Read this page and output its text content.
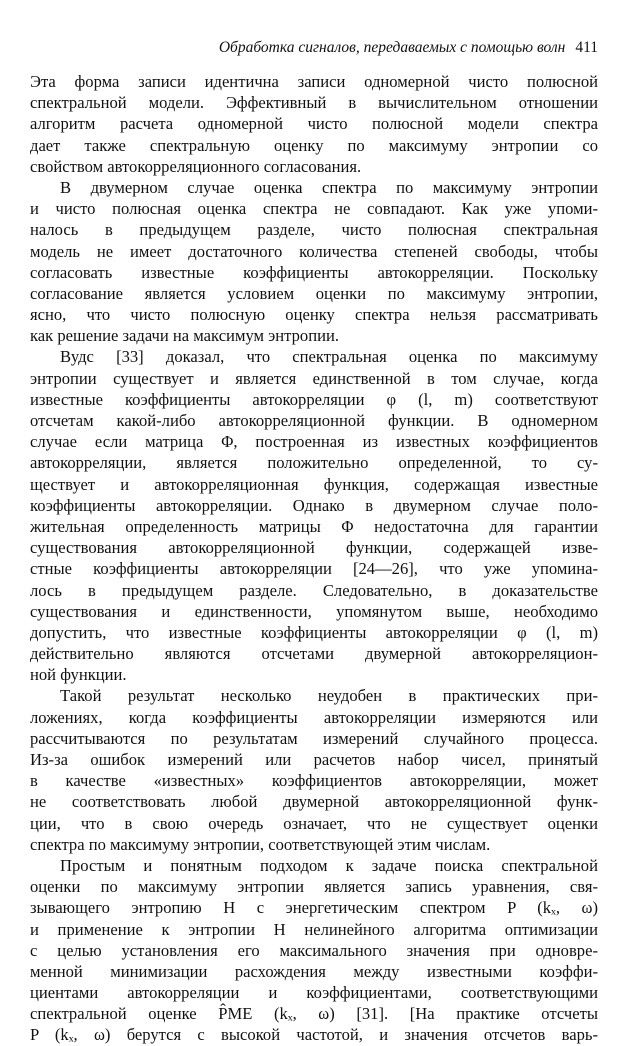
Обработка сигналов, передаваемых с помощью волн 411
Эта форма записи идентична записи одномерной чисто полюсной
спектральной модели. Эффективный в вычислительном отношении
алгоритм расчета одномерной чисто полюсной модели спектра
дает также спектральную оценку по максимуму энтропии со
свойством автокорреляционного согласования.
В двумерном случае оценка спектра по максимуму энтропии
и чисто полюсная оценка спектра не совпадают. Как уже упоми-
налось в предыдущем разделе, чисто полюсная спектральная
модель не имеет достаточного количества степеней свободы, чтобы
согласовать известные коэффициенты автокорреляции. Поскольку
согласование является условием оценки по максимуму энтропии,
ясно, что чисто полюсную оценку спектра нельзя рассматривать
как решение задачи на максимум энтропии.
Вудс [33] доказал, что спектральная оценка по максимуму
энтропии существует и является единственной в том случае, когда
известные коэффициенты автокорреляции φ (l, m) соответствуют
отсчетам какой-либо автокорреляционной функции. В одномерном
случае если матрица Φ, построенная из известных коэффициентов
автокорреляции, является положительно определенной, то су-
ществует и автокорреляционная функция, содержащая известные
коэффициенты автокорреляции. Однако в двумерном случае поло-
жительная определенность матрицы Φ недостаточна для гарантии
существования автокорреляционной функции, содержащей изве-
стные коэффициенты автокорреляции [24—26], что уже упомина-
лось в предыдущем разделе. Следовательно, в доказательстве
существования и единственности, упомянутом выше, необходимо
допустить, что известные коэффициенты автокорреляции φ (l, m)
действительно являются отсчетами двумерной автокорреляцион-
ной функции.
Такой результат несколько неудобен в практических при-
ложениях, когда коэффициенты автокорреляции измеряются или
рассчитываются по результатам измерений случайного процесса.
Из-за ошибок измерений или расчетов набор чисел, принятый
в качестве «известных» коэффициентов автокорреляции, может
не соответствовать любой двумерной автокорреляционной функ-
ции, что в свою очередь означает, что не существует оценки
спектра по максимуму энтропии, соответствующей этим числам.
Простым и понятным подходом к задаче поиска спектральной
оценки по максимуму энтропии является запись уравнения, свя-
зывающего энтропию H с энергетическим спектром P (kₓ, ω)
и применение к энтропии H нелинейного алгоритма оптимизации
с целью установления его максимального значения при одновре-
менной минимизации расхождения между известными коэффи-
циентами автокорреляции и коэффициентами, соответствующими
спектральной оценке P̂ME (kₓ, ω) [31]. [На практике отсчеты
P (kₓ, ω) берутся с высокой частотой, и значения отсчетов варь-
